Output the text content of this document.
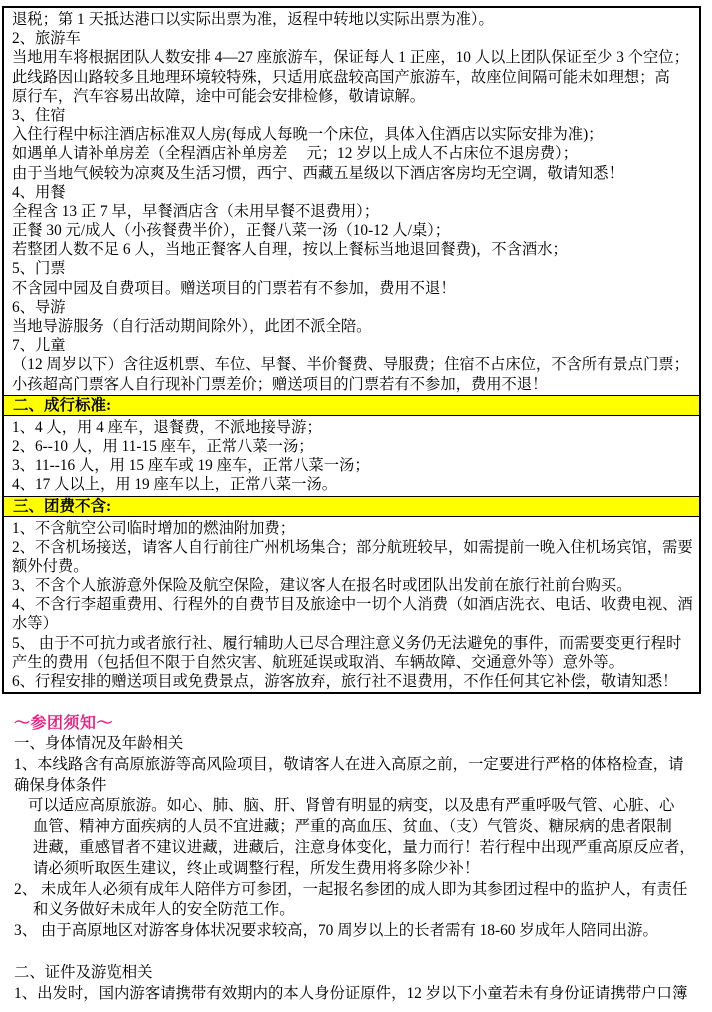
退税；第 1 天抵达港口以实际出票为准，返程中转地以实际出票为准）。
2、旅游车
当地用车将根据团队人数安排 4—27 座旅游车，保证每人 1 正座，10 人以上团队保证至少 3 个空位；
此线路因山路较多且地理环境较特殊，只适用底盘较高国产旅游车，故座位间隔可能未如理想；高
原行车，汽车容易出故障，途中可能会安排检修，敬请谅解。
3、住宿
入住行程中标注酒店标准双人房(每成人每晚一个床位，具体入住酒店以实际安排为准)；
如遇单人请补单房差（全程酒店补单房差　 元；12 岁以上成人不占床位不退房费）；
由于当地气候较为凉爽及生活习惯，西宁、西藏五星级以下酒店客房均无空调，敬请知悉！
4、用餐
全程含 13 正 7 早，早餐酒店含（未用早餐不退费用）；
正餐 30 元/成人（小孩餐费半价），正餐八菜一汤（10-12 人/桌）；
若整团人数不足 6 人，当地正餐客人自理，按以上餐标当地退回餐费)，不含酒水；
5、门票
不含园中园及自费项目。赠送项目的门票若有不参加，费用不退！
6、导游
当地导游服务（自行活动期间除外），此团不派全陪。
7、儿童
（12 周岁以下）含往返机票、车位、早餐、半价餐费、导服费；住宿不占床位，不含所有景点门票；
小孩超高门票客人自行现补门票差价；赠送项目的门票若有不参加，费用不退！
二、成行标准:
1、4 人，用 4 座车，退餐费，不派地接导游；
2、6--10 人，用 11-15 座车，正常八菜一汤；
3、11--16 人，用 15 座车或 19 座车，正常八菜一汤；
4、17 人以上，用 19 座车以上，正常八菜一汤。
三、团费不含:
1、不含航空公司临时增加的燃油附加费；
2、不含机场接送，请客人自行前往广州机场集合；部分航班较早，如需提前一晚入住机场宾馆，需要
额外付费。
3、不含个人旅游意外保险及航空保险，建议客人在报名时或团队出发前在旅行社前台购买。
4、不含行李超重费用、行程外的自费节目及旅途中一切个人消费（如酒店洗衣、电话、收费电视、酒
水等）
5、 由于不可抗力或者旅行社、履行辅助人已尽合理注意义务仍无法避免的事件，而需要变更行程时
产生的费用（包括但不限于自然灾害、航班延误或取消、车辆故障、交通意外等）意外等。
6、行程安排的赠送项目或免费景点，游客放弃，旅行社不退费用，不作任何其它补偿，敬请知悉！
～参团须知～
一、身体情况及年龄相关
1、本线路含有高原旅游等高风险项目，敬请客人在进入高原之前，一定要进行严格的体格检查，请
确保身体条件
可以适应高原旅游。如心、肺、脑、肝、肾曾有明显的病变，以及患有严重呼吸气管、心脏、心
血管、精神方面疾病的人员不宜进藏；严重的高血压、贫血、（支）气管炎、糖尿病的患者限制
进藏，重感冒者不建议进藏，进藏后，注意身体变化，量力而行！若行程中出现严重高原反应者，
请必须听取医生建议，终止或调整行程，所发生费用将多除少补！
2、 未成年人必须有成年人陪伴方可参团，一起报名参团的成人即为其参团过程中的监护人，有责任
和义务做好未成年人的安全防范工作。
3、 由于高原地区对游客身体状况要求较高，70 周岁以上的长者需有 18-60 岁成年人陪同出游。
二、证件及游览相关
1、出发时，国内游客请携带有效期内的本人身份证原件，12 岁以下小童若未有身份证请携带户口簿
